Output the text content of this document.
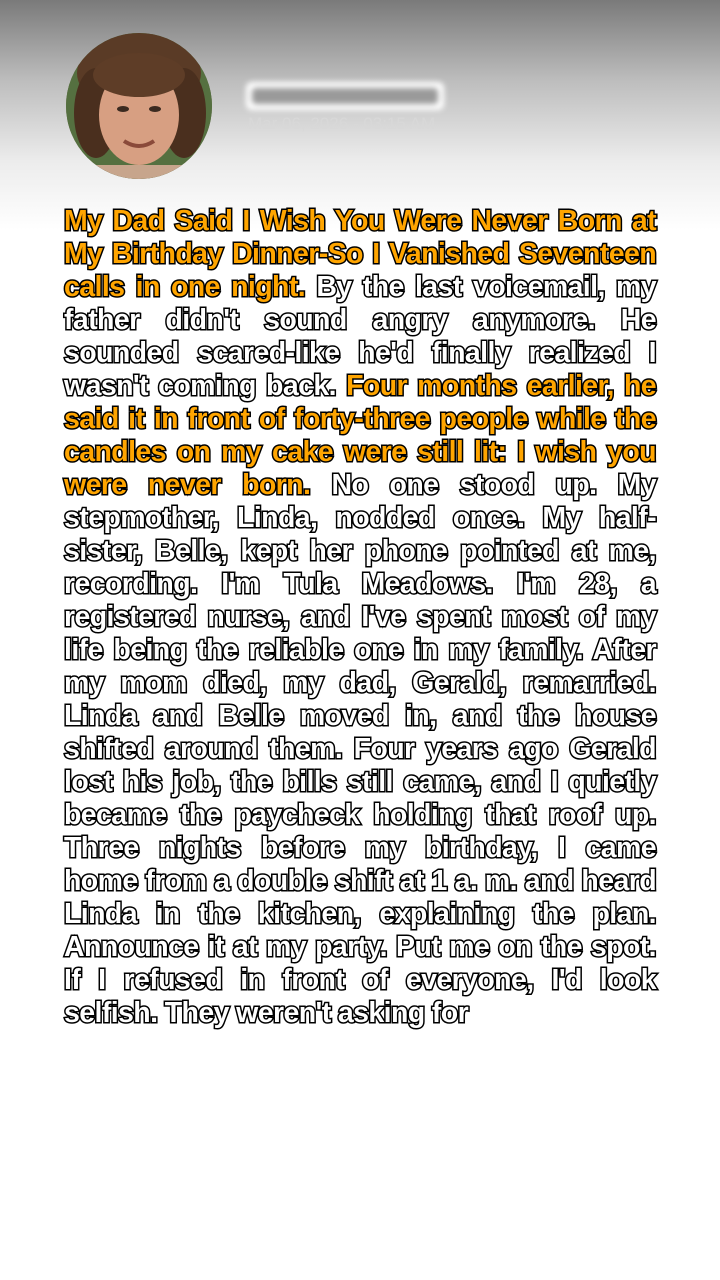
Mar 06, 2026 - 03:15 AM

My Dad Said I Wish You Were Never Born at My Birthday Dinner-So I Vanished Seventeen calls in one night. By the last voicemail, my father didn't sound angry anymore. He sounded scared-like he'd finally realized I wasn't coming back. Four months earlier, he said it in front of forty-three people while the candles on my cake were still lit: I wish you were never born. No one stood up. My stepmother, Linda, nodded once. My half-sister, Belle, kept her phone pointed at me, recording. I'm Tula Meadows. I'm 28, a registered nurse, and I've spent most of my life being the reliable one in my family. After my mom died, my dad, Gerald, remarried. Linda and Belle moved in, and the house shifted around them. Four years ago Gerald lost his job, the bills still came, and I quietly became the paycheck holding that roof up. Three nights before my birthday, I came home from a double shift at 1 a. m. and heard Linda in the kitchen, explaining the plan. Announce it at my party. Put me on the spot. If I refused in front of everyone, I'd look selfish. They weren't asking for
